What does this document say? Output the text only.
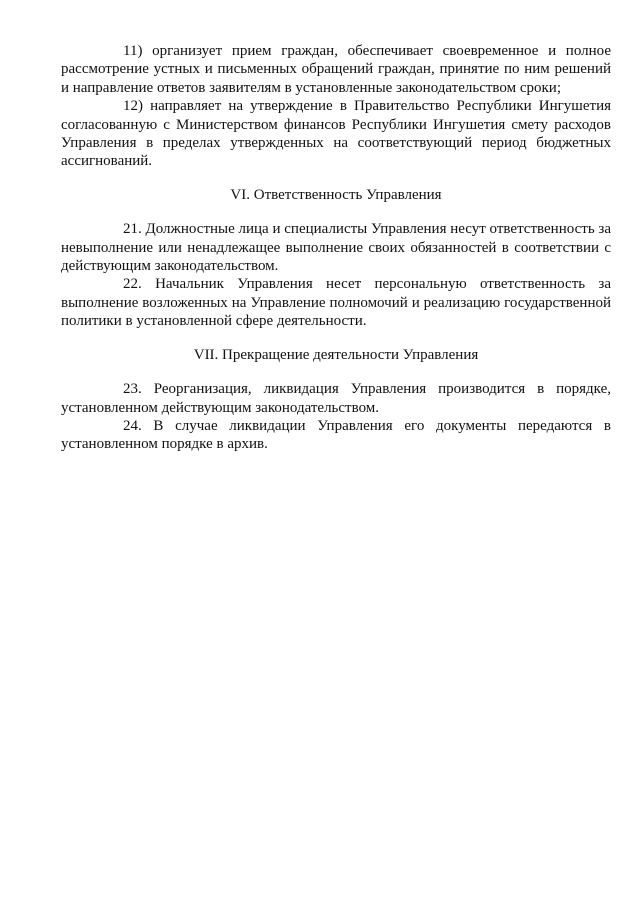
11) организует прием граждан, обеспечивает своевременное и полное рассмотрение устных и письменных обращений граждан, принятие по ним решений и направление ответов заявителям в установленные законодательством сроки;

12) направляет на утверждение в Правительство Республики Ингушетия согласованную с Министерством финансов Республики Ингушетия смету расходов Управления в пределах утвержденных на соответствующий период бюджетных ассигнований.

VI. Ответственность Управления

21. Должностные лица и специалисты Управления несут ответственность за невыполнение или ненадлежащее выполнение своих обязанностей в соответствии с действующим законодательством.

22. Начальник Управления несет персональную ответственность за выполнение возложенных на Управление полномочий и реализацию государственной политики в установленной сфере деятельности.

VII. Прекращение деятельности Управления

23. Реорганизация, ликвидация Управления производится в порядке, установленном действующим законодательством.

24. В случае ликвидации Управления его документы передаются в установленном порядке в архив.
